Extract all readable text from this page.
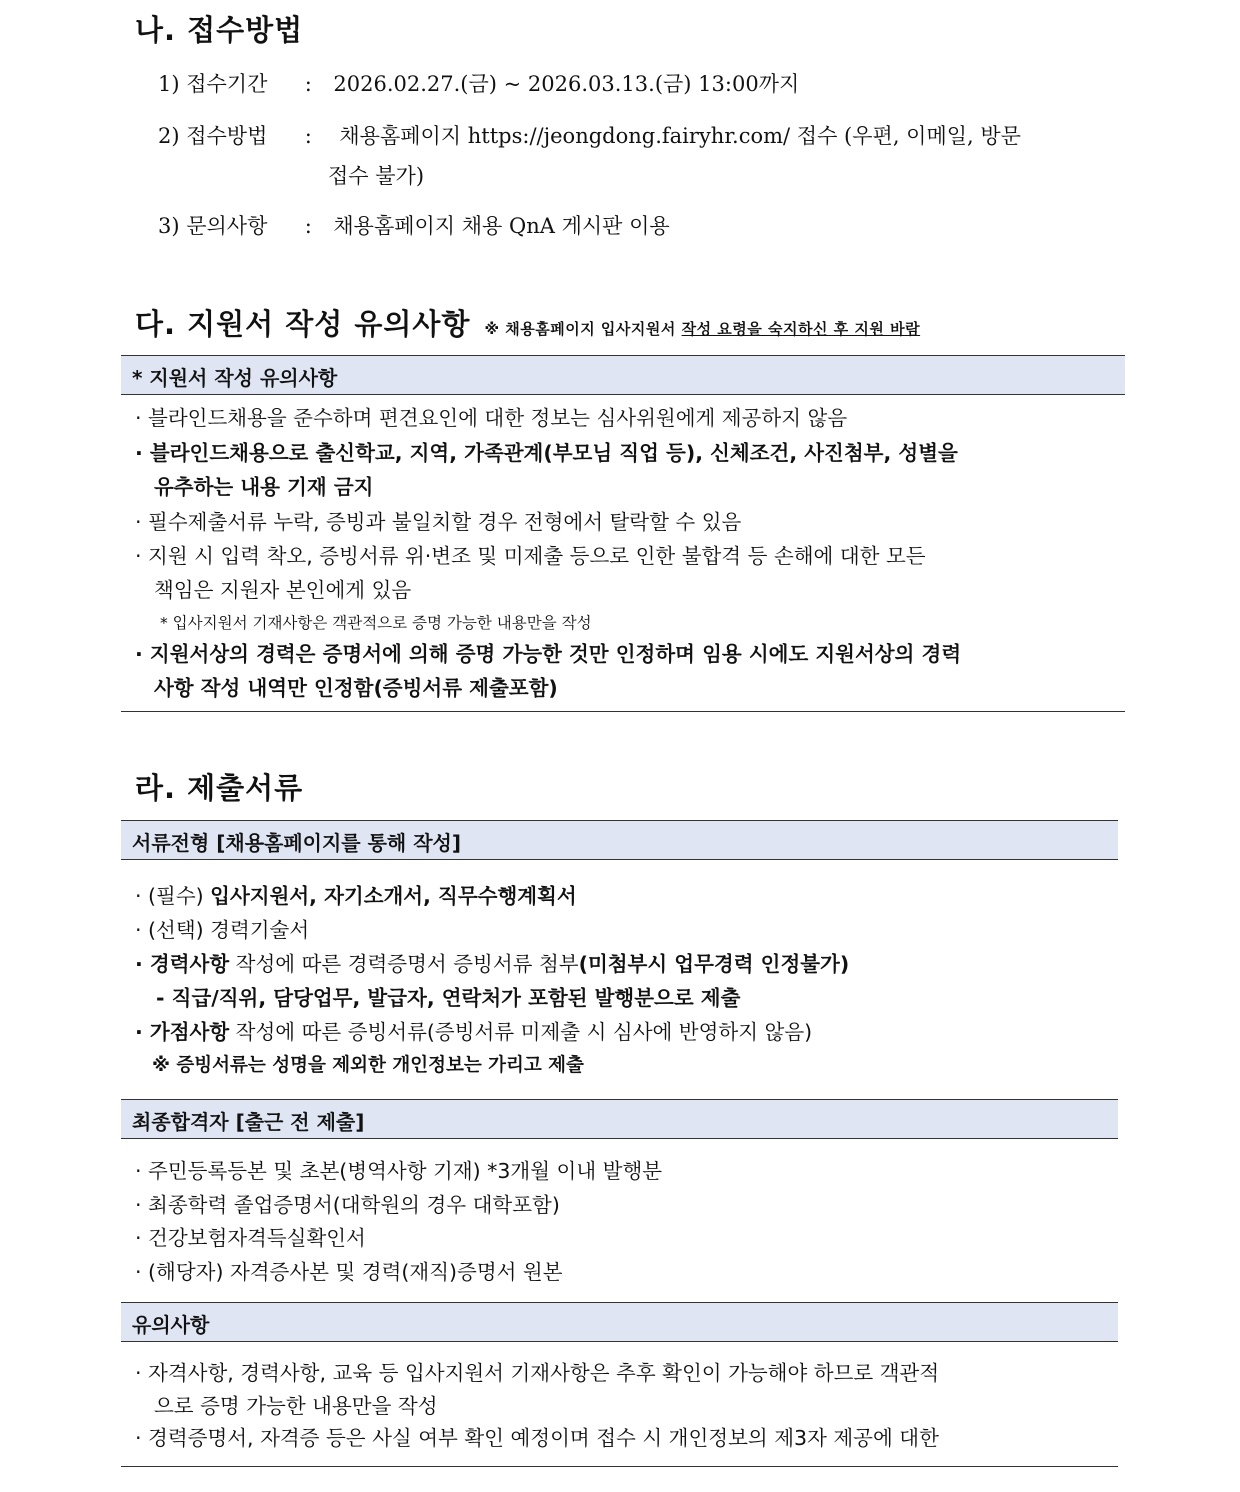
나. 접수방법
1) 접수기간 : 2026.02.27.(금) ~ 2026.03.13.(금) 13:00까지
2) 접수방법 : 채용홈페이지 https://jeongdong.fairyhr.com/ 접수 (우편, 이메일, 방문
접수 불가)
3) 문의사항 : 채용홈페이지 채용 QnA 게시판 이용
다. 지원서 작성 유의사항 ※ 채용홈페이지 입사지원서 작성 요령을 숙지하신 후 지원 바람
* 지원서 작성 유의사항
· 블라인드채용을 준수하며 편견요인에 대한 정보는 심사위원에게 제공하지 않음
· 블라인드채용으로 출신학교, 지역, 가족관계(부모님 직업 등), 신체조건, 사진첨부, 성별을
유추하는 내용 기재 금지
· 필수제출서류 누락, 증빙과 불일치할 경우 전형에서 탈락할 수 있음
· 지원 시 입력 착오, 증빙서류 위·변조 및 미제출 등으로 인한 불합격 등 손해에 대한 모든
책임은 지원자 본인에게 있음
* 입사지원서 기재사항은 객관적으로 증명 가능한 내용만을 작성
· 지원서상의 경력은 증명서에 의해 증명 가능한 것만 인정하며 임용 시에도 지원서상의 경력
사항 작성 내역만 인정함(증빙서류 제출포함)
라. 제출서류
서류전형 [채용홈페이지를 통해 작성]
· (필수) 입사지원서, 자기소개서, 직무수행계획서
· (선택) 경력기술서
· 경력사항 작성에 따른 경력증명서 증빙서류 첨부(미첨부시 업무경력 인정불가)
- 직급/직위, 담당업무, 발급자, 연락처가 포함된 발행분으로 제출
· 가점사항 작성에 따른 증빙서류(증빙서류 미제출 시 심사에 반영하지 않음)
※ 증빙서류는 성명을 제외한 개인정보는 가리고 제출
최종합격자 [출근 전 제출]
· 주민등록등본 및 초본(병역사항 기재) *3개월 이내 발행분
· 최종학력 졸업증명서(대학원의 경우 대학포함)
· 건강보험자격득실확인서
· (해당자) 자격증사본 및 경력(재직)증명서 원본
유의사항
· 자격사항, 경력사항, 교육 등 입사지원서 기재사항은 추후 확인이 가능해야 하므로 객관적
으로 증명 가능한 내용만을 작성
· 경력증명서, 자격증 등은 사실 여부 확인 예정이며 접수 시 개인정보의 제3자 제공에 대한
